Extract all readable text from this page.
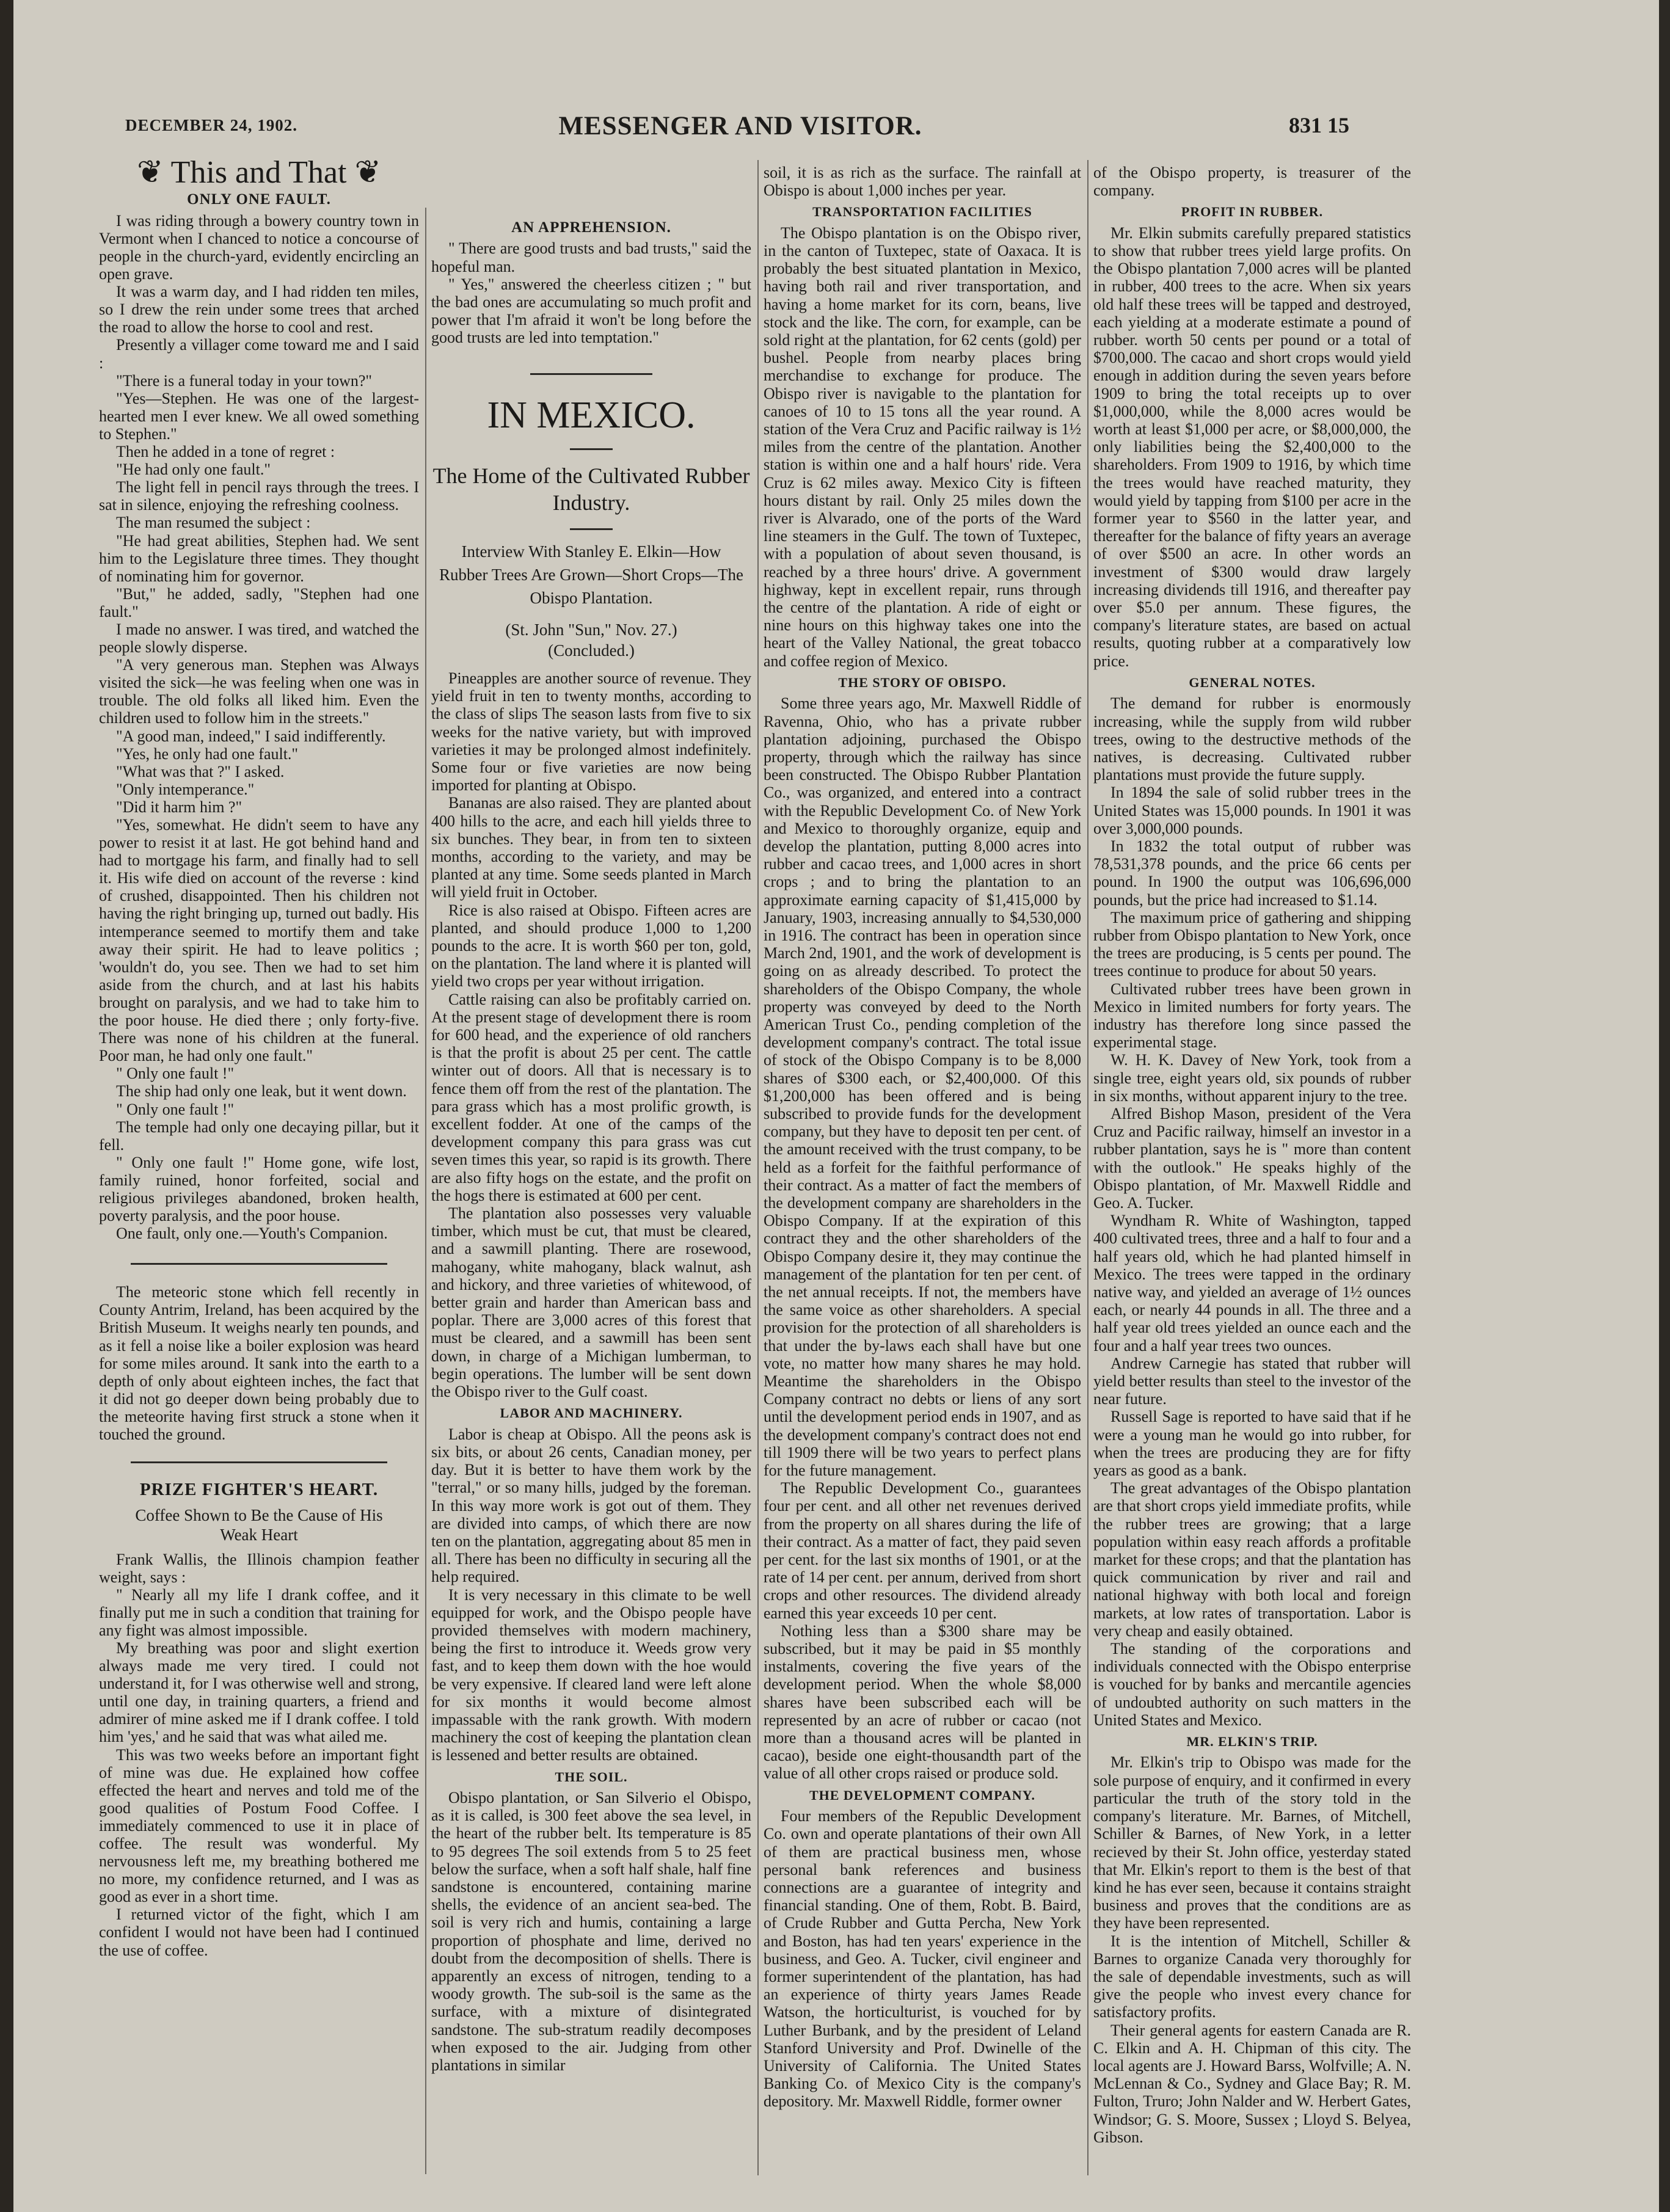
DECEMBER 24, 1902.	MESSENGER AND VISITOR.	831 15
❦ This and That ❦
ONLY ONE FAULT.

I was riding through a bowery country town in Vermont when I chanced to notice a concourse of people in the church-yard, evidently encircling an open grave.

It was a warm day, and I had ridden ten miles, so I drew the rein under some trees that arched the road to allow the horse to cool and rest.

Presently a villager come toward me and I said :

"There is a funeral today in your town?"

"Yes—Stephen. He was one of the largest-hearted men I ever knew. We all owed something to Stephen."

Then he added in a tone of regret :

"He had only one fault."

The light fell in pencil rays through the trees. I sat in silence, enjoying the refreshing coolness.

The man resumed the subject :

"He had great abilities, Stephen had. We sent him to the Legislature three times. They thought of nominating him for governor.

"But," he added, sadly, "Stephen had one fault."

I made no answer. I was tired, and watched the people slowly disperse.

"A very generous man. Stephen was Always visited the sick—he was feeling when one was in trouble. The old folks all liked him. Even the children used to follow him in the streets."

"A good man, indeed," I said indifferently.

"Yes, he only had one fault."

"What was that ?" I asked.

"Only intemperance."

"Did it harm him ?"

"Yes, somewhat. He didn't seem to have any power to resist it at last. He got behind hand and had to mortgage his farm, and finally had to sell it. His wife died on account of the reverse : kind of crushed, disappointed. Then his children not having the right bringing up, turned out badly. His intemperance seemed to mortify them and take away their spirit. He had to leave politics ; 'wouldn't do, you see. Then we had to set him aside from the church, and at last his habits brought on paralysis, and we had to take him to the poor house. He died there ; only forty-five. There was none of his children at the funeral. Poor man, he had only one fault."

" Only one fault !"

The ship had only one leak, but it went down.

" Only one fault !"

The temple had only one decaying pillar, but it fell.

" Only one fault !" Home gone, wife lost, family ruined, honor forfeited, social and religious privileges abandoned, broken health, poverty paralysis, and the poor house.

One fault, only one.—Youth's Companion.

The meteoric stone which fell recently in County Antrim, Ireland, has been acquired by the British Museum. It weighs nearly ten pounds, and as it fell a noise like a boiler explosion was heard for some miles around. It sank into the earth to a depth of only about eighteen inches, the fact that it did not go deeper down being probably due to the meteorite having first struck a stone when it touched the ground.

PRIZE FIGHTER'S HEART.
Coffee Shown to Be the Cause of His Weak Heart

Frank Wallis, the Illinois champion feather weight, says :

" Nearly all my life I drank coffee, and it finally put me in such a condition that training for any fight was almost impossible.

My breathing was poor and slight exertion always made me very tired. I could not understand it, for I was otherwise well and strong, until one day, in training quarters, a friend and admirer of mine asked me if I drank coffee. I told him 'yes,' and he said that was what ailed me.

This was two weeks before an important fight of mine was due. He explained how coffee effected the heart and nerves and told me of the good qualities of Postum Food Coffee. I immediately commenced to use it in place of coffee. The result was wonderful. My nervousness left me, my breathing bothered me no more, my confidence returned, and I was as good as ever in a short time.

I returned victor of the fight, which I am confident I would not have been had I continued the use of coffee.

AN APPREHENSION.

" There are good trusts and bad trusts," said the hopeful man.

" Yes," answered the cheerless citizen ; " but the bad ones are accumulating so much profit and power that I'm afraid it won't be long before the good trusts are led into temptation."

IN MEXICO.
The Home of the Cultivated Rubber Industry.
Interview With Stanley E. Elkin—How Rubber Trees Are Grown—Short Crops—The Obispo Plantation.
(St. John "Sun," Nov. 27.)
(Concluded.)

Pineapples are another source of revenue. They yield fruit in ten to twenty months, according to the class of slips The season lasts from five to six weeks for the native variety, but with improved varieties it may be prolonged almost indefinitely. Some four or five varieties are now being imported for planting at Obispo.

Bananas are also raised. They are planted about 400 hills to the acre, and each hill yields three to six bunches. They bear, in from ten to sixteen months, according to the variety, and may be planted at any time. Some seeds planted in March will yield fruit in October.

Rice is also raised at Obispo. Fifteen acres are planted, and should produce 1,000 to 1,200 pounds to the acre. It is worth $60 per ton, gold, on the plantation. The land where it is planted will yield two crops per year without irrigation.

Cattle raising can also be profitably carried on. At the present stage of development there is room for 600 head, and the experience of old ranchers is that the profit is about 25 per cent. The cattle winter out of doors. All that is necessary is to fence them off from the rest of the plantation. The para grass which has a most prolific growth, is excellent fodder. At one of the camps of the development company this para grass was cut seven times this year, so rapid is its growth. There are also fifty hogs on the estate, and the profit on the hogs there is estimated at 600 per cent.

The plantation also possesses very valuable timber, which must be cut, that must be cleared, and a sawmill planting. There are rosewood, mahogany, white mahogany, black walnut, ash and hickory, and three varieties of whitewood, of better grain and harder than American bass and poplar. There are 3,000 acres of this forest that must be cleared, and a sawmill has been sent down, in charge of a Michigan lumberman, to begin operations. The lumber will be sent down the Obispo river to the Gulf coast.

LABOR AND MACHINERY.

Labor is cheap at Obispo. All the peons ask is six bits, or about 26 cents, Canadian money, per day. But it is better to have them work by the "terral," or so many hills, judged by the foreman. In this way more work is got out of them. They are divided into camps, of which there are now ten on the plantation, aggregating about 85 men in all. There has been no difficulty in securing all the help required.

It is very necessary in this climate to be well equipped for work, and the Obispo people have provided themselves with modern machinery, being the first to introduce it. Weeds grow very fast, and to keep them down with the hoe would be very expensive. If cleared land were left alone for six months it would become almost impassable with the rank growth. With modern machinery the cost of keeping the plantation clean is lessened and better results are obtained.

THE SOIL.

Obispo plantation, or San Silverio el Obispo, as it is called, is 300 feet above the sea level, in the heart of the rubber belt. Its temperature is 85 to 95 degrees The soil extends from 5 to 25 feet below the surface, when a soft half shale, half fine sandstone is encountered, containing marine shells, the evidence of an ancient sea-bed. The soil is very rich and humis, containing a large proportion of phosphate and lime, derived no doubt from the decomposition of shells. There is apparently an excess of nitrogen, tending to a woody growth. The sub-soil is the same as the surface, with a mixture of disintegrated sandstone. The sub-stratum readily decomposes when exposed to the air. Judging from other plantations in similar

soil, it is as rich as the surface. The rainfall at Obispo is about 1,000 inches per year.

TRANSPORTATION FACILITIES

The Obispo plantation is on the Obispo river, in the canton of Tuxtepec, state of Oaxaca. It is probably the best situated plantation in Mexico, having both rail and river transportation, and having a home market for its corn, beans, live stock and the like. The corn, for example, can be sold right at the plantation, for 62 cents (gold) per bushel. People from nearby places bring merchandise to exchange for produce. The Obispo river is navigable to the plantation for canoes of 10 to 15 tons all the year round. A station of the Vera Cruz and Pacific railway is 1½ miles from the centre of the plantation. Another station is within one and a half hours' ride. Vera Cruz is 62 miles away. Mexico City is fifteen hours distant by rail. Only 25 miles down the river is Alvarado, one of the ports of the Ward line steamers in the Gulf. The town of Tuxtepec, with a population of about seven thousand, is reached by a three hours' drive. A government highway, kept in excellent repair, runs through the centre of the plantation. A ride of eight or nine hours on this highway takes one into the heart of the Valley National, the great tobacco and coffee region of Mexico.

THE STORY OF OBISPO.

Some three years ago, Mr. Maxwell Riddle of Ravenna, Ohio, who has a private rubber plantation adjoining, purchased the Obispo property, through which the railway has since been constructed. The Obispo Rubber Plantation Co., was organized, and entered into a contract with the Republic Development Co. of New York and Mexico to thoroughly organize, equip and develop the plantation, putting 8,000 acres into rubber and cacao trees, and 1,000 acres in short crops ; and to bring the plantation to an approximate earning capacity of $1,415,000 by January, 1903, increasing annually to $4,530,000 in 1916. The contract has been in operation since March 2nd, 1901, and the work of development is going on as already described. To protect the shareholders of the Obispo Company, the whole property was conveyed by deed to the North American Trust Co., pending completion of the development company's contract. The total issue of stock of the Obispo Company is to be 8,000 shares of $300 each, or $2,400,000. Of this $1,200,000 has been offered and is being subscribed to provide funds for the development company, but they have to deposit ten per cent. of the amount received with the trust company, to be held as a forfeit for the faithful performance of their contract. As a matter of fact the members of the development company are shareholders in the Obispo Company. If at the expiration of this contract they and the other shareholders of the Obispo Company desire it, they may continue the management of the plantation for ten per cent. of the net annual receipts. If not, the members have the same voice as other shareholders. A special provision for the protection of all shareholders is that under the by-laws each shall have but one vote, no matter how many shares he may hold. Meantime the shareholders in the Obispo Company contract no debts or liens of any sort until the development period ends in 1907, and as the development company's contract does not end till 1909 there will be two years to perfect plans for the future management.

The Republic Development Co., guarantees four per cent. and all other net revenues derived from the property on all shares during the life of their contract. As a matter of fact, they paid seven per cent. for the last six months of 1901, or at the rate of 14 per cent. per annum, derived from short crops and other resources. The dividend already earned this year exceeds 10 per cent.

Nothing less than a $300 share may be subscribed, but it may be paid in $5 monthly instalments, covering the five years of the development period. When the whole $8,000 shares have been subscribed each will be represented by an acre of rubber or cacao (not more than a thousand acres will be planted in cacao), beside one eight-thousandth part of the value of all other crops raised or produce sold.

THE DEVELOPMENT COMPANY.

Four members of the Republic Development Co. own and operate plantations of their own All of them are practical business men, whose personal bank references and business connections are a guarantee of integrity and financial standing. One of them, Robt. B. Baird, of Crude Rubber and Gutta Percha, New York and Boston, has had ten years' experience in the business, and Geo. A. Tucker, civil engineer and former superintendent of the plantation, has had an experience of thirty years James Reade Watson, the horticulturist, is vouched for by Luther Burbank, and by the president of Leland Stanford University and Prof. Dwinelle of the University of California. The United States Banking Co. of Mexico City is the company's depository. Mr. Maxwell Riddle, former owner

of the Obispo property, is treasurer of the company.

PROFIT IN RUBBER.

Mr. Elkin submits carefully prepared statistics to show that rubber trees yield large profits. On the Obispo plantation 7,000 acres will be planted in rubber, 400 trees to the acre. When six years old half these trees will be tapped and destroyed, each yielding at a moderate estimate a pound of rubber. worth 50 cents per pound or a total of $700,000. The cacao and short crops would yield enough in addition during the seven years before 1909 to bring the total receipts up to over $1,000,000, while the 8,000 acres would be worth at least $1,000 per acre, or $8,000,000, the only liabilities being the $2,400,000 to the shareholders. From 1909 to 1916, by which time the trees would have reached maturity, they would yield by tapping from $100 per acre in the former year to $560 in the latter year, and thereafter for the balance of fifty years an average of over $500 an acre. In other words an investment of $300 would draw largely increasing dividends till 1916, and thereafter pay over $5.0 per annum. These figures, the company's literature states, are based on actual results, quoting rubber at a comparatively low price.

GENERAL NOTES.

The demand for rubber is enormously increasing, while the supply from wild rubber trees, owing to the destructive methods of the natives, is decreasing. Cultivated rubber plantations must provide the future supply.

In 1894 the sale of solid rubber trees in the United States was 15,000 pounds. In 1901 it was over 3,000,000 pounds.

In 1832 the total output of rubber was 78,531,378 pounds, and the price 66 cents per pound. In 1900 the output was 106,696,000 pounds, but the price had increased to $1.14.

The maximum price of gathering and shipping rubber from Obispo plantation to New York, once the trees are producing, is 5 cents per pound. The trees continue to produce for about 50 years.

Cultivated rubber trees have been grown in Mexico in limited numbers for forty years. The industry has therefore long since passed the experimental stage.

W. H. K. Davey of New York, took from a single tree, eight years old, six pounds of rubber in six months, without apparent injury to the tree.

Alfred Bishop Mason, president of the Vera Cruz and Pacific railway, himself an investor in a rubber plantation, says he is " more than content with the outlook." He speaks highly of the Obispo plantation, of Mr. Maxwell Riddle and Geo. A. Tucker.

Wyndham R. White of Washington, tapped 400 cultivated trees, three and a half to four and a half years old, which he had planted himself in Mexico. The trees were tapped in the ordinary native way, and yielded an average of 1½ ounces each, or nearly 44 pounds in all. The three and a half year old trees yielded an ounce each and the four and a half year trees two ounces.

Andrew Carnegie has stated that rubber will yield better results than steel to the investor of the near future.

Russell Sage is reported to have said that if he were a young man he would go into rubber, for when the trees are producing they are for fifty years as good as a bank.

The great advantages of the Obispo plantation are that short crops yield immediate profits, while the rubber trees are growing; that a large population within easy reach affords a profitable market for these crops; and that the plantation has quick communication by river and rail and national highway with both local and foreign markets, at low rates of transportation. Labor is very cheap and easily obtained.

The standing of the corporations and individuals connected with the Obispo enterprise is vouched for by banks and mercantile agencies of undoubted authority on such matters in the United States and Mexico.

MR. ELKIN'S TRIP.

Mr. Elkin's trip to Obispo was made for the sole purpose of enquiry, and it confirmed in every particular the truth of the story told in the company's literature. Mr. Barnes, of Mitchell, Schiller & Barnes, of New York, in a letter recieved by their St. John office, yesterday stated that Mr. Elkin's report to them is the best of that kind he has ever seen, because it contains straight business and proves that the conditions are as they have been represented.

It is the intention of Mitchell, Schiller & Barnes to organize Canada very thoroughly for the sale of dependable investments, such as will give the people who invest every chance for satisfactory profits.

Their general agents for eastern Canada are R. C. Elkin and A. H. Chipman of this city. The local agents are J. Howard Barss, Wolfville; A. N. McLennan & Co., Sydney and Glace Bay; R. M. Fulton, Truro; John Nalder and W. Herbert Gates, Windsor; G. S. Moore, Sussex ; Lloyd S. Belyea, Gibson.
